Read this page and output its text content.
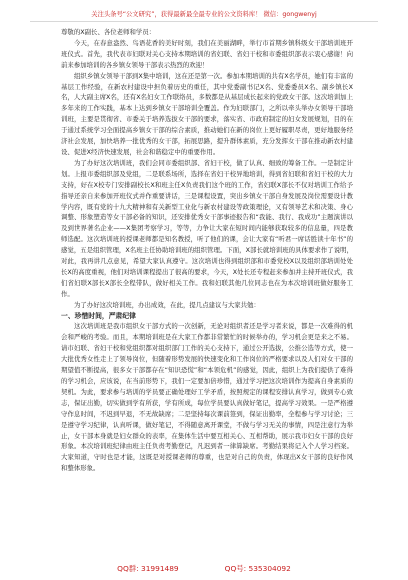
关注头条号“公文研究”，获得最新最全最专业的公文资料库！ 微信：gongwenyj

尊敬的X副长、各位老师和学员：

今天，在春意盎然、鸟语花香的美好时刻，我们在美丽湖畔，举行市首期乡镇科级女干部培训班开班仪式。首先，我代表市妇联对关心支持本期培训的省妇联、省妇干校和市委组织部表示衷心感谢！向前来参加培训的各乡镇女领导干部表示热烈的欢迎！

组织乡镇女领导干部到X集中培训，这在还是第一次。参加本期培训的共有X名学员，她们有丰富的基层工作经验，在新农村建设中担负着历史的重任，其中党委副书记X名、党委委员X名、副乡镇长X名，人大副主席X名，还有X名妇女工作联络员，多数都是从基层成长起来的党政女干部。这次培训加上多年来的工作实践，基本上达到乡镇女干部培训全覆盖。作为妇联部门，之所以牵头举办女领导干部培训班，主要是贯彻省、市委关于培养选拔女干部的要求，落实省、市政府制定的妇女发展规划，目的在于通过系统学习全面提高乡镇女干部的综合素质，推动她们在新的岗位上更好履职尽责，更好地服务经济社会发展，加快培养一批优秀的女干部，拓展思路，提升群体素质，充分发挥女干部在推动新农村建设、促进X经济快速发展，社会和谐稳定中的重要作用。

为了办好这次培训班，我们会同市委组织部、省妇干校，做了认真、细致的筹备工作。一是制定计划。上报市委组织部及党组，二是联系场所，选择在省妇干校异地培训，得到省妇联和省妇干校的大力支持，好在X校专门安排副校长X和班主任X负责我们这个班的工作，省妇联X部长不仅对培训工作给予指导还亲自来参加开班仪式并作重要讲话，三是课程设置，突出乡镇女干部自身发展及岗位需要设计教学内容，既有党的十九大精神和有关新型工业化与新农村建设等政策理论，又有领导艺术和决策、身心调整、形象塑造等女干部必备的知识，还安排优秀女干部事迹报告和“我能、我行、我成功”主题演讲以及到世界著名企业——X集团考察学习，等等，力争让大家在短时间内能够获取较多的信息量，四是教师选配。这次培训班的授课老师都是知名教授，听了他们的课，会让大家有“听君一席话胜读十年书”的感觉，五是组织管理，X名班主任协助培训班的组织管理。下面，X部长就培训班的具体要求作了说明，对此，我再讲几点意见，希望大家认真遵守。这次培训也得到组织部和市委党校X以及组织部培训处处长X的高度重视，他们对培训课程提出了很高的要求，今天，X处长还专程赶来参加并主持开班仪式，我们省妇联X部长X部长全程带队，做好相关工作。我和妇联其他几位同志也在为本次培训班做好服务工作。

为了办好这次培训班，办出成效，在此，提几点建议与大家共勉：

一、珍惜时间，严肃纪律

这次培训班是我市组织女干部方式的一次创新，无论对组织者还是学习者来说，都是一次难得的机会和严峻的考验。而且，本期培训班是在大家工作都非常繁忙的时候举办的，学习机会更是来之不易。请市妇联、省妇干校和党组织都对组织部门工作的关心支持下，通过公开选拔，公推公选等方式，使一大批优秀女性走上了领导岗位，但随着形势发展的快速变化和工作岗位的严格要求以及人们对女干部的期望值不断提高，很多女干部都存在“知识恐慌”和“本领危机”的感觉，因此，组织上为我们提供了难得的学习机会，应该说，在当前形势下，我们一定要加倍珍惜，通过学习把这次培训作为提高自身素质的契机。为此，要求参与培训的学员要正确处理好工学矛盾，按照规定的课程安排认真学习，做到专心致志，保证出勤，切实做到学有所获，学有所成，每位学员要认真做好笔记，提高学习效果。一是严格遵守作息时间，不迟到早退，不无故缺席；二是坚持每次课前签到，保证出勤率，全程参与学习讨论；三是遵守学习纪律，认真听课，做好笔记，不得随意离开课堂，不做与学习无关的事情，四是注意行为举止，女干部本身就是妇女群众的表率，在集体生活中要互相关心、互相帮助，展示我市妇女干部的良好形象。本次培训班纪律由班主任负责考勤登记，凡迟到者一律算缺席。考勤结果将记入个人学习档案。大家知道，守时也是才能，这既是对授课老师的尊重，也是对自己的负责，体现出X女干部的良好作风和整体形象。

QQ群: 31991489	QQ号: 535304092
